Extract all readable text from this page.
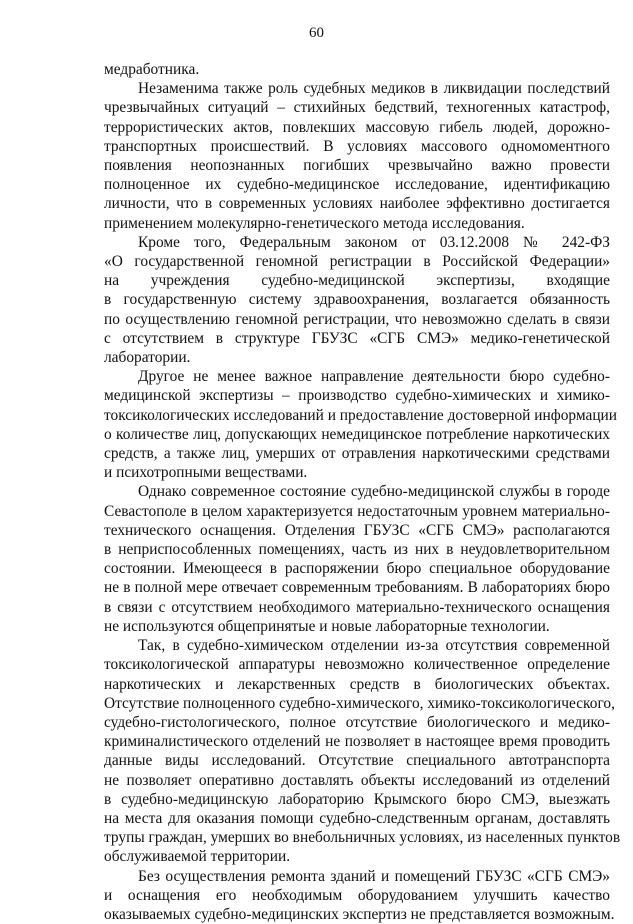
60

медработника.

Незаменима также роль судебных медиков в ликвидации последствий
чрезвычайных ситуаций – стихийных бедствий, техногенных катастроф,
террористических актов, повлекших массовую гибель людей, дорожно-
транспортных происшествий. В условиях массового одномоментного
появления неопознанных погибших чрезвычайно важно провести
полноценное их судебно-медицинское исследование, идентификацию
личности, что в современных условиях наиболее эффективно достигается
применением молекулярно-генетического метода исследования.

Кроме того, Федеральным законом от 03.12.2008 № 242-ФЗ
«О государственной геномной регистрации в Российской Федерации»
на учреждения судебно-медицинской экспертизы, входящие
в государственную систему здравоохранения, возлагается обязанность
по осуществлению геномной регистрации, что невозможно сделать в связи
с отсутствием в структуре ГБУЗС «СГБ СМЭ» медико-генетической
лаборатории.

Другое не менее важное направление деятельности бюро судебно-
медицинской экспертизы – производство судебно-химических и химико-
токсикологических исследований и предоставление достоверной информации
о количестве лиц, допускающих немедицинское потребление наркотических
средств, а также лиц, умерших от отравления наркотическими средствами
и психотропными веществами.

Однако современное состояние судебно-медицинской службы в городе
Севастополе в целом характеризуется недостаточным уровнем материально-
технического оснащения. Отделения ГБУЗС «СГБ СМЭ» располагаются
в неприспособленных помещениях, часть из них в неудовлетворительном
состоянии. Имеющееся в распоряжении бюро специальное оборудование
не в полной мере отвечает современным требованиям. В лабораториях бюро
в связи с отсутствием необходимого материально-технического оснащения
не используются общепринятые и новые лабораторные технологии.

Так, в судебно-химическом отделении из-за отсутствия современной
токсикологической аппаратуры невозможно количественное определение
наркотических и лекарственных средств в биологических объектах.
Отсутствие полноценного судебно-химического, химико-токсикологического,
судебно-гистологического, полное отсутствие биологического и медико-
криминалистического отделений не позволяет в настоящее время проводить
данные виды исследований. Отсутствие специального автотранспорта
не позволяет оперативно доставлять объекты исследований из отделений
в судебно-медицинскую лабораторию Крымского бюро СМЭ, выезжать
на места для оказания помощи судебно-следственным органам, доставлять
трупы граждан, умерших во внебольничных условиях, из населенных пунктов
обслуживаемой территории.

Без осуществления ремонта зданий и помещений ГБУЗС «СГБ СМЭ»
и оснащения его необходимым оборудованием улучшить качество
оказываемых судебно-медицинских экспертиз не представляется возможным.
